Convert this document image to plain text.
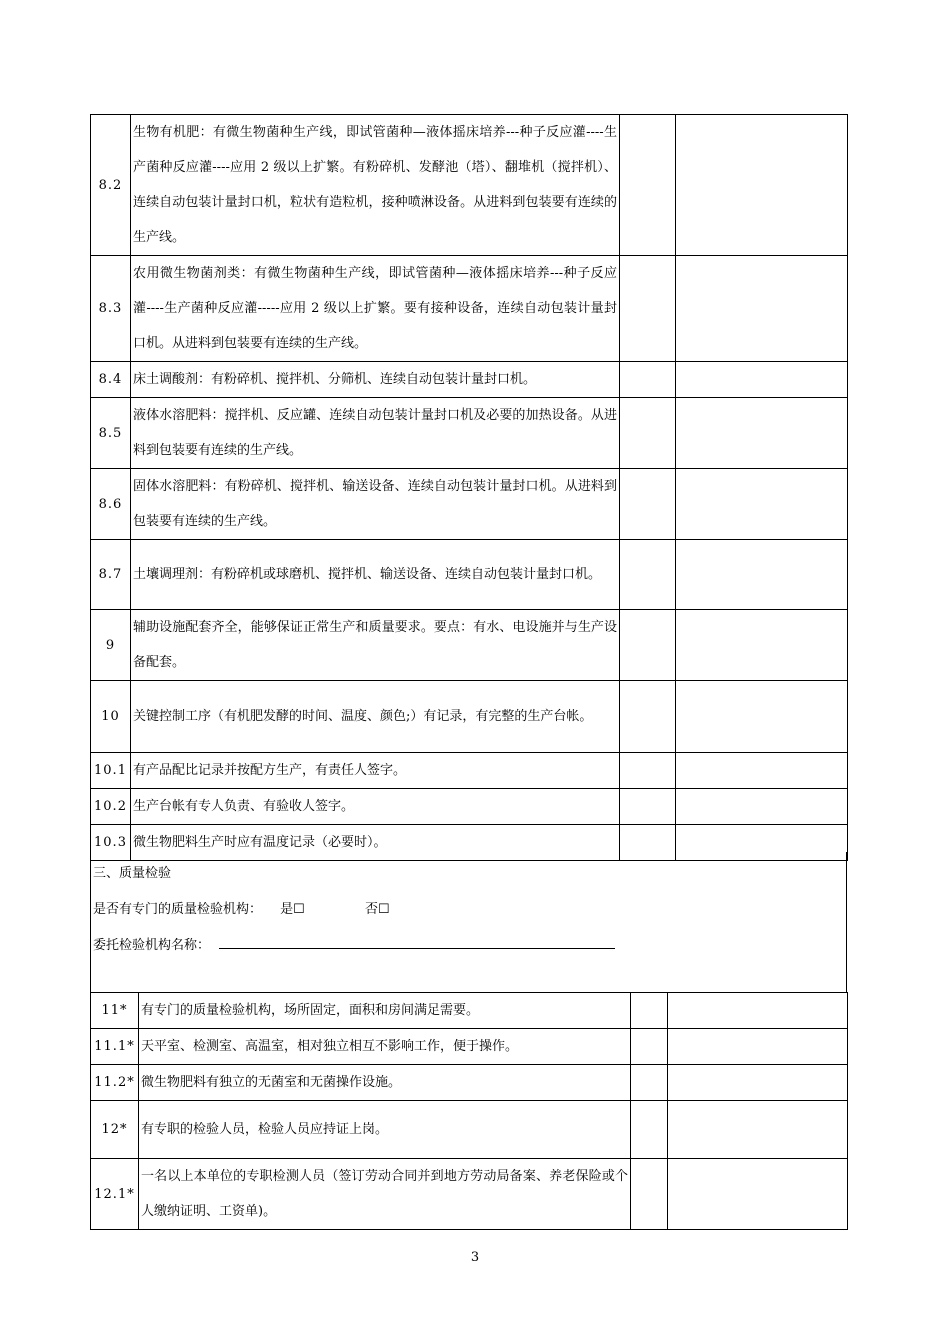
8.2	生物有机肥：有微生物菌种生产线，即试管菌种—液体摇床培养---种子反应灌----生产菌种反应灌----应用 2 级以上扩繁。有粉碎机、发酵池（塔）、翻堆机（搅拌机）、连续自动包装计量封口机，粒状有造粒机，接种喷淋设备。从进料到包装要有连续的生产线。		
8.3	农用微生物菌剂类：有微生物菌种生产线，即试管菌种—液体摇床培养---种子反应灌----生产菌种反应灌-----应用 2 级以上扩繁。要有接种设备，连续自动包装计量封口机。从进料到包装要有连续的生产线。		
8.4	床土调酸剂：有粉碎机、搅拌机、分筛机、连续自动包装计量封口机。		
8.5	液体水溶肥料：搅拌机、反应罐、连续自动包装计量封口机及必要的加热设备。从进料到包装要有连续的生产线。		
8.6	固体水溶肥料：有粉碎机、搅拌机、输送设备、连续自动包装计量封口机。从进料到包装要有连续的生产线。		
8.7	土壤调理剂：有粉碎机或球磨机、搅拌机、输送设备、连续自动包装计量封口机。		
9	辅助设施配套齐全，能够保证正常生产和质量要求。要点：有水、电设施并与生产设备配套。		
10	关键控制工序（有机肥发酵的时间、温度、颜色;）有记录，有完整的生产台帐。		
10.1	有产品配比记录并按配方生产，有责任人签字。		
10.2	生产台帐有专人负责、有验收人签字。		
10.3	微生物肥料生产时应有温度记录（必要时）。		
三、质量检验
是否有专门的质量检验机构： 是☐	否☐
委托检验机构名称：
11*	有专门的质量检验机构，场所固定，面积和房间满足需要。		
11.1*	天平室、检测室、高温室，相对独立相互不影响工作，便于操作。		
11.2*	微生物肥料有独立的无菌室和无菌操作设施。		
12*	有专职的检验人员，检验人员应持证上岗。		
12.1*	一名以上本单位的专职检测人员（签订劳动合同并到地方劳动局备案、养老保险或个人缴纳证明、工资单)。		
3
